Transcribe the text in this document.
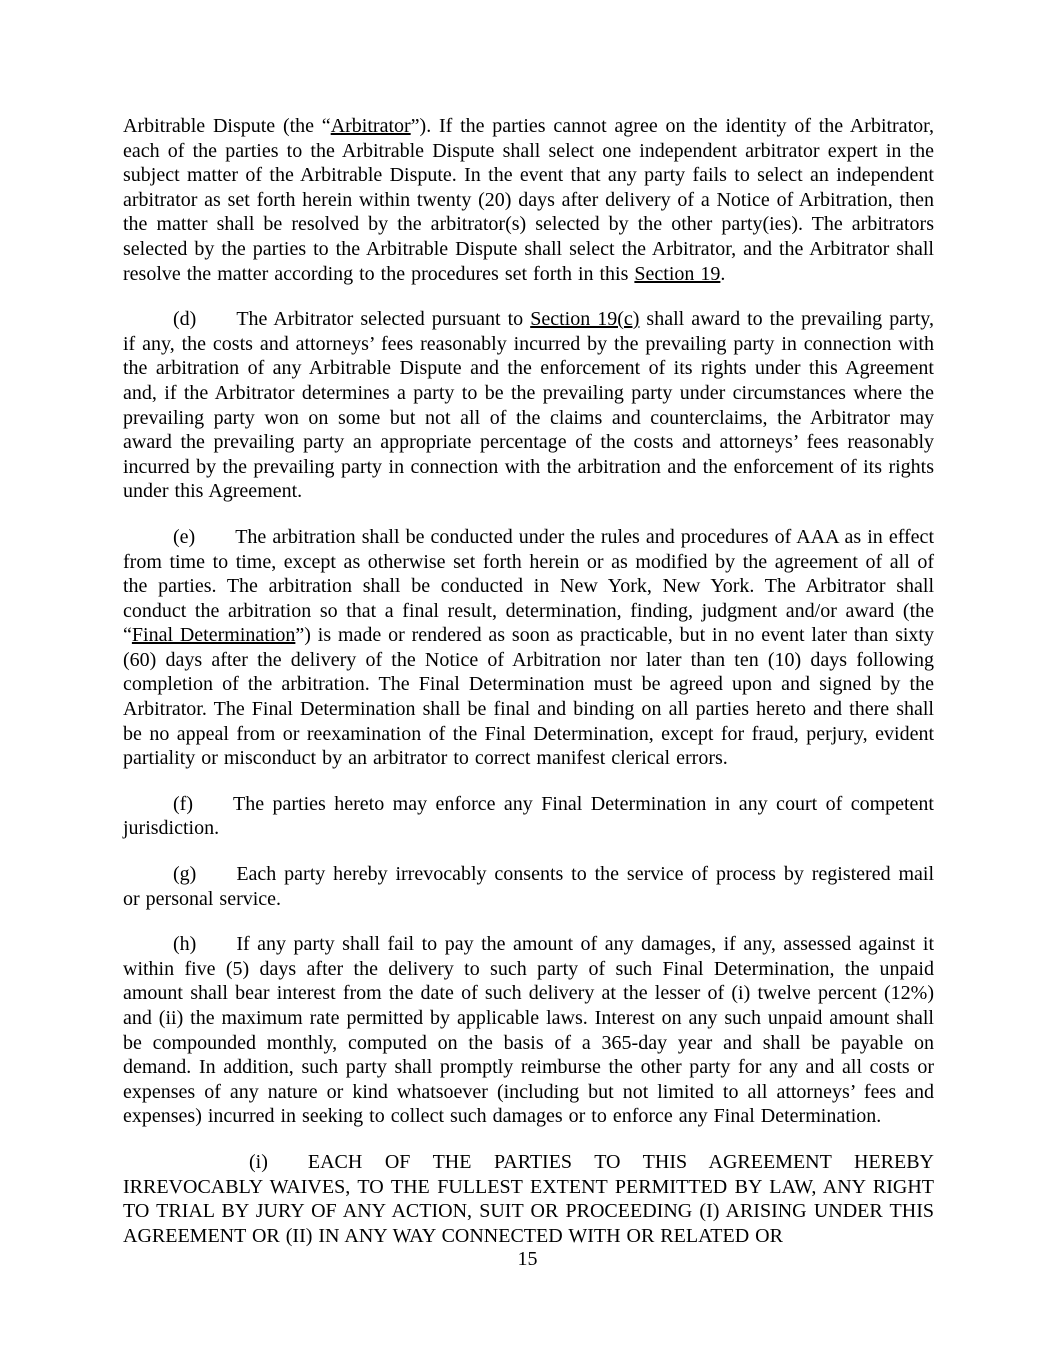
Arbitrable Dispute (the “Arbitrator”). If the parties cannot agree on the identity of the Arbitrator, each of the parties to the Arbitrable Dispute shall select one independent arbitrator expert in the subject matter of the Arbitrable Dispute. In the event that any party fails to select an independent arbitrator as set forth herein within twenty (20) days after delivery of a Notice of Arbitration, then the matter shall be resolved by the arbitrator(s) selected by the other party(ies). The arbitrators selected by the parties to the Arbitrable Dispute shall select the Arbitrator, and the Arbitrator shall resolve the matter according to the procedures set forth in this Section 19.

(d) The Arbitrator selected pursuant to Section 19(c) shall award to the prevailing party, if any, the costs and attorneys’ fees reasonably incurred by the prevailing party in connection with the arbitration of any Arbitrable Dispute and the enforcement of its rights under this Agreement and, if the Arbitrator determines a party to be the prevailing party under circumstances where the prevailing party won on some but not all of the claims and counterclaims, the Arbitrator may award the prevailing party an appropriate percentage of the costs and attorneys’ fees reasonably incurred by the prevailing party in connection with the arbitration and the enforcement of its rights under this Agreement.

(e) The arbitration shall be conducted under the rules and procedures of AAA as in effect from time to time, except as otherwise set forth herein or as modified by the agreement of all of the parties. The arbitration shall be conducted in New York, New York. The Arbitrator shall conduct the arbitration so that a final result, determination, finding, judgment and/or award (the “Final Determination”) is made or rendered as soon as practicable, but in no event later than sixty (60) days after the delivery of the Notice of Arbitration nor later than ten (10) days following completion of the arbitration. The Final Determination must be agreed upon and signed by the Arbitrator. The Final Determination shall be final and binding on all parties hereto and there shall be no appeal from or reexamination of the Final Determination, except for fraud, perjury, evident partiality or misconduct by an arbitrator to correct manifest clerical errors.

(f) The parties hereto may enforce any Final Determination in any court of competent jurisdiction.

(g) Each party hereby irrevocably consents to the service of process by registered mail or personal service.

(h) If any party shall fail to pay the amount of any damages, if any, assessed against it within five (5) days after the delivery to such party of such Final Determination, the unpaid amount shall bear interest from the date of such delivery at the lesser of (i) twelve percent (12%) and (ii) the maximum rate permitted by applicable laws. Interest on any such unpaid amount shall be compounded monthly, computed on the basis of a 365-day year and shall be payable on demand. In addition, such party shall promptly reimburse the other party for any and all costs or expenses of any nature or kind whatsoever (including but not limited to all attorneys’ fees and expenses) incurred in seeking to collect such damages or to enforce any Final Determination.

(i) EACH OF THE PARTIES TO THIS AGREEMENT HEREBY IRREVOCABLY WAIVES, TO THE FULLEST EXTENT PERMITTED BY LAW, ANY RIGHT TO TRIAL BY JURY OF ANY ACTION, SUIT OR PROCEEDING (I) ARISING UNDER THIS AGREEMENT OR (II) IN ANY WAY CONNECTED WITH OR RELATED OR

15
